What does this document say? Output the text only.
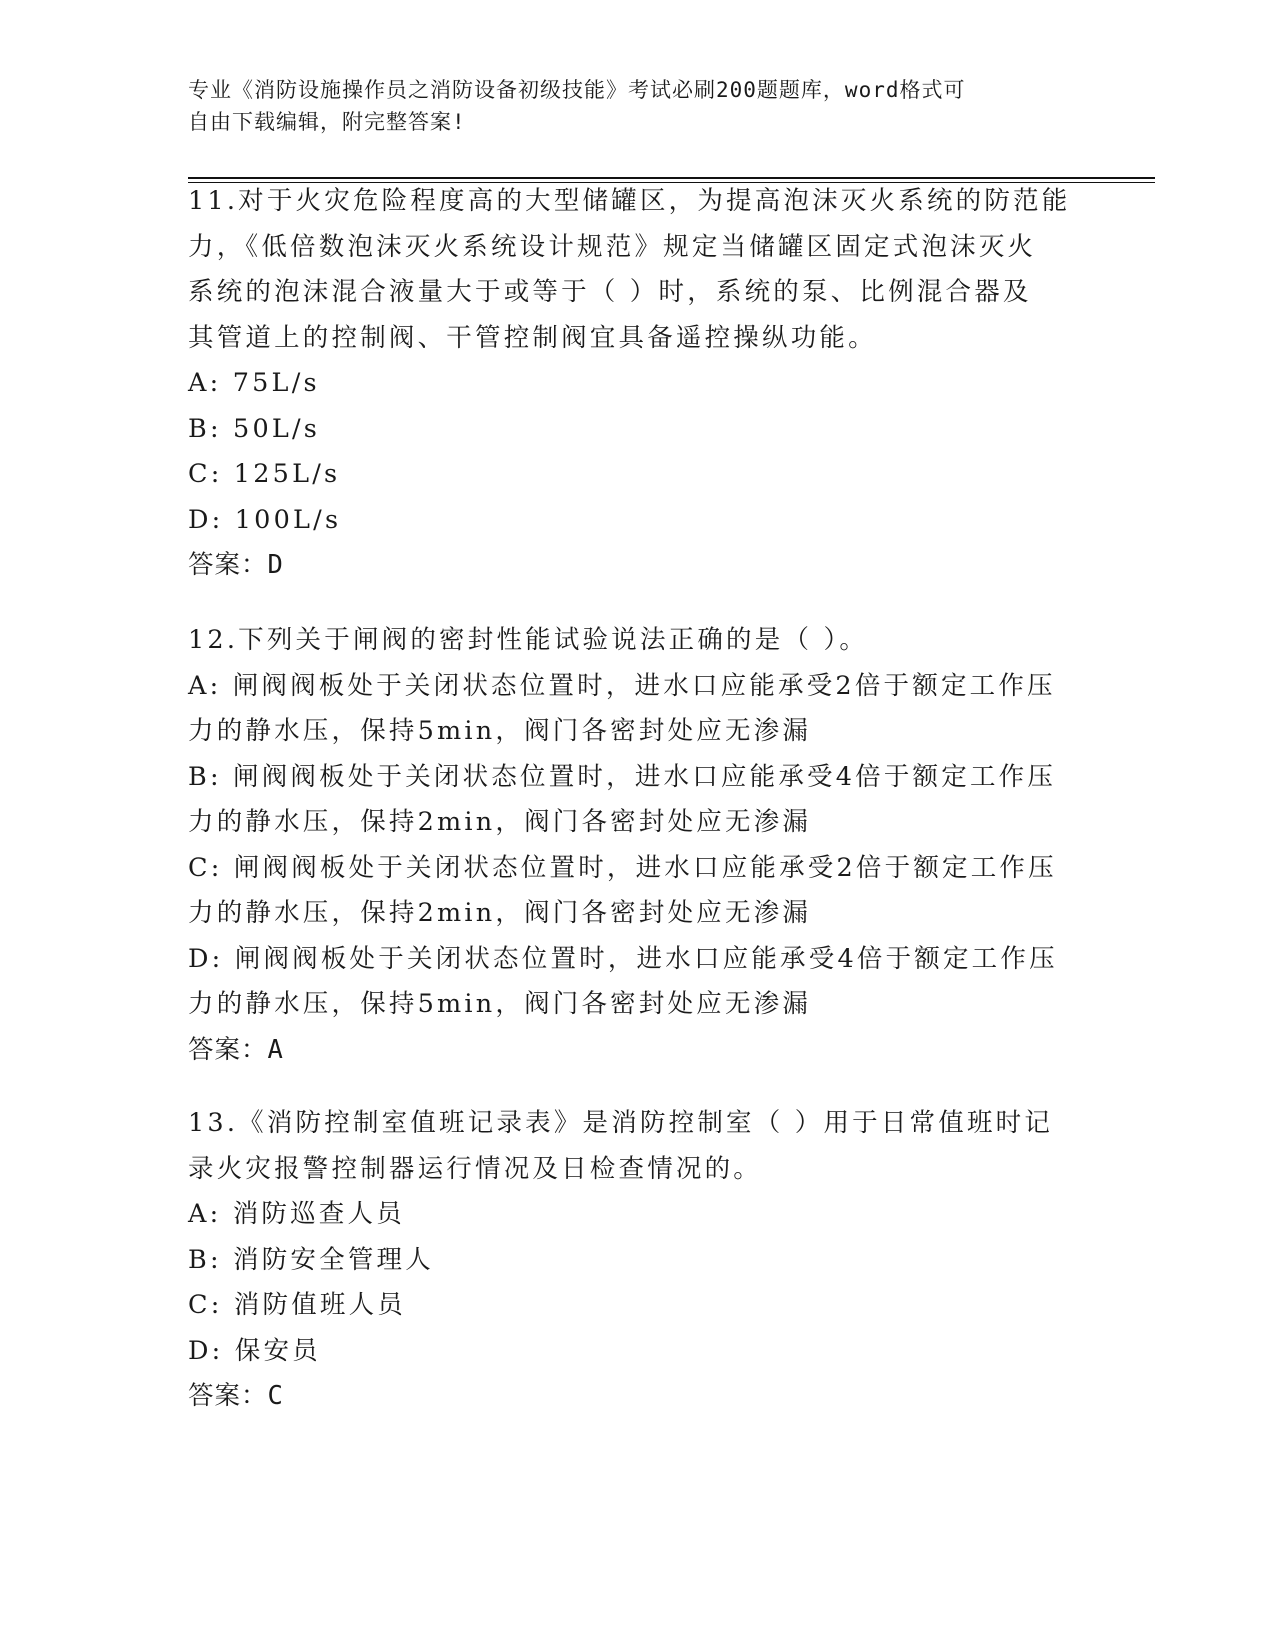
专业《消防设施操作员之消防设备初级技能》考试必刷200题题库，word格式可
自由下载编辑，附完整答案!
11.对于火灾危险程度高的大型储罐区，为提高泡沫灭火系统的防范能
力，《低倍数泡沫灭火系统设计规范》规定当储罐区固定式泡沫灭火
系统的泡沫混合液量大于或等于（ ）时，系统的泵、比例混合器及
其管道上的控制阀、干管控制阀宜具备遥控操纵功能。
A: 75L/s
B: 50L/s
C: 125L/s
D: 100L/s
答案：D
12.下列关于闸阀的密封性能试验说法正确的是（ ）。
A: 闸阀阀板处于关闭状态位置时，进水口应能承受2倍于额定工作压
力的静水压，保持5min，阀门各密封处应无渗漏
B: 闸阀阀板处于关闭状态位置时，进水口应能承受4倍于额定工作压
力的静水压，保持2min，阀门各密封处应无渗漏
C: 闸阀阀板处于关闭状态位置时，进水口应能承受2倍于额定工作压
力的静水压，保持2min，阀门各密封处应无渗漏
D: 闸阀阀板处于关闭状态位置时，进水口应能承受4倍于额定工作压
力的静水压，保持5min，阀门各密封处应无渗漏
答案：A
13.《消防控制室值班记录表》是消防控制室（ ）用于日常值班时记
录火灾报警控制器运行情况及日检查情况的。
A: 消防巡查人员
B: 消防安全管理人
C: 消防值班人员
D: 保安员
答案：C
